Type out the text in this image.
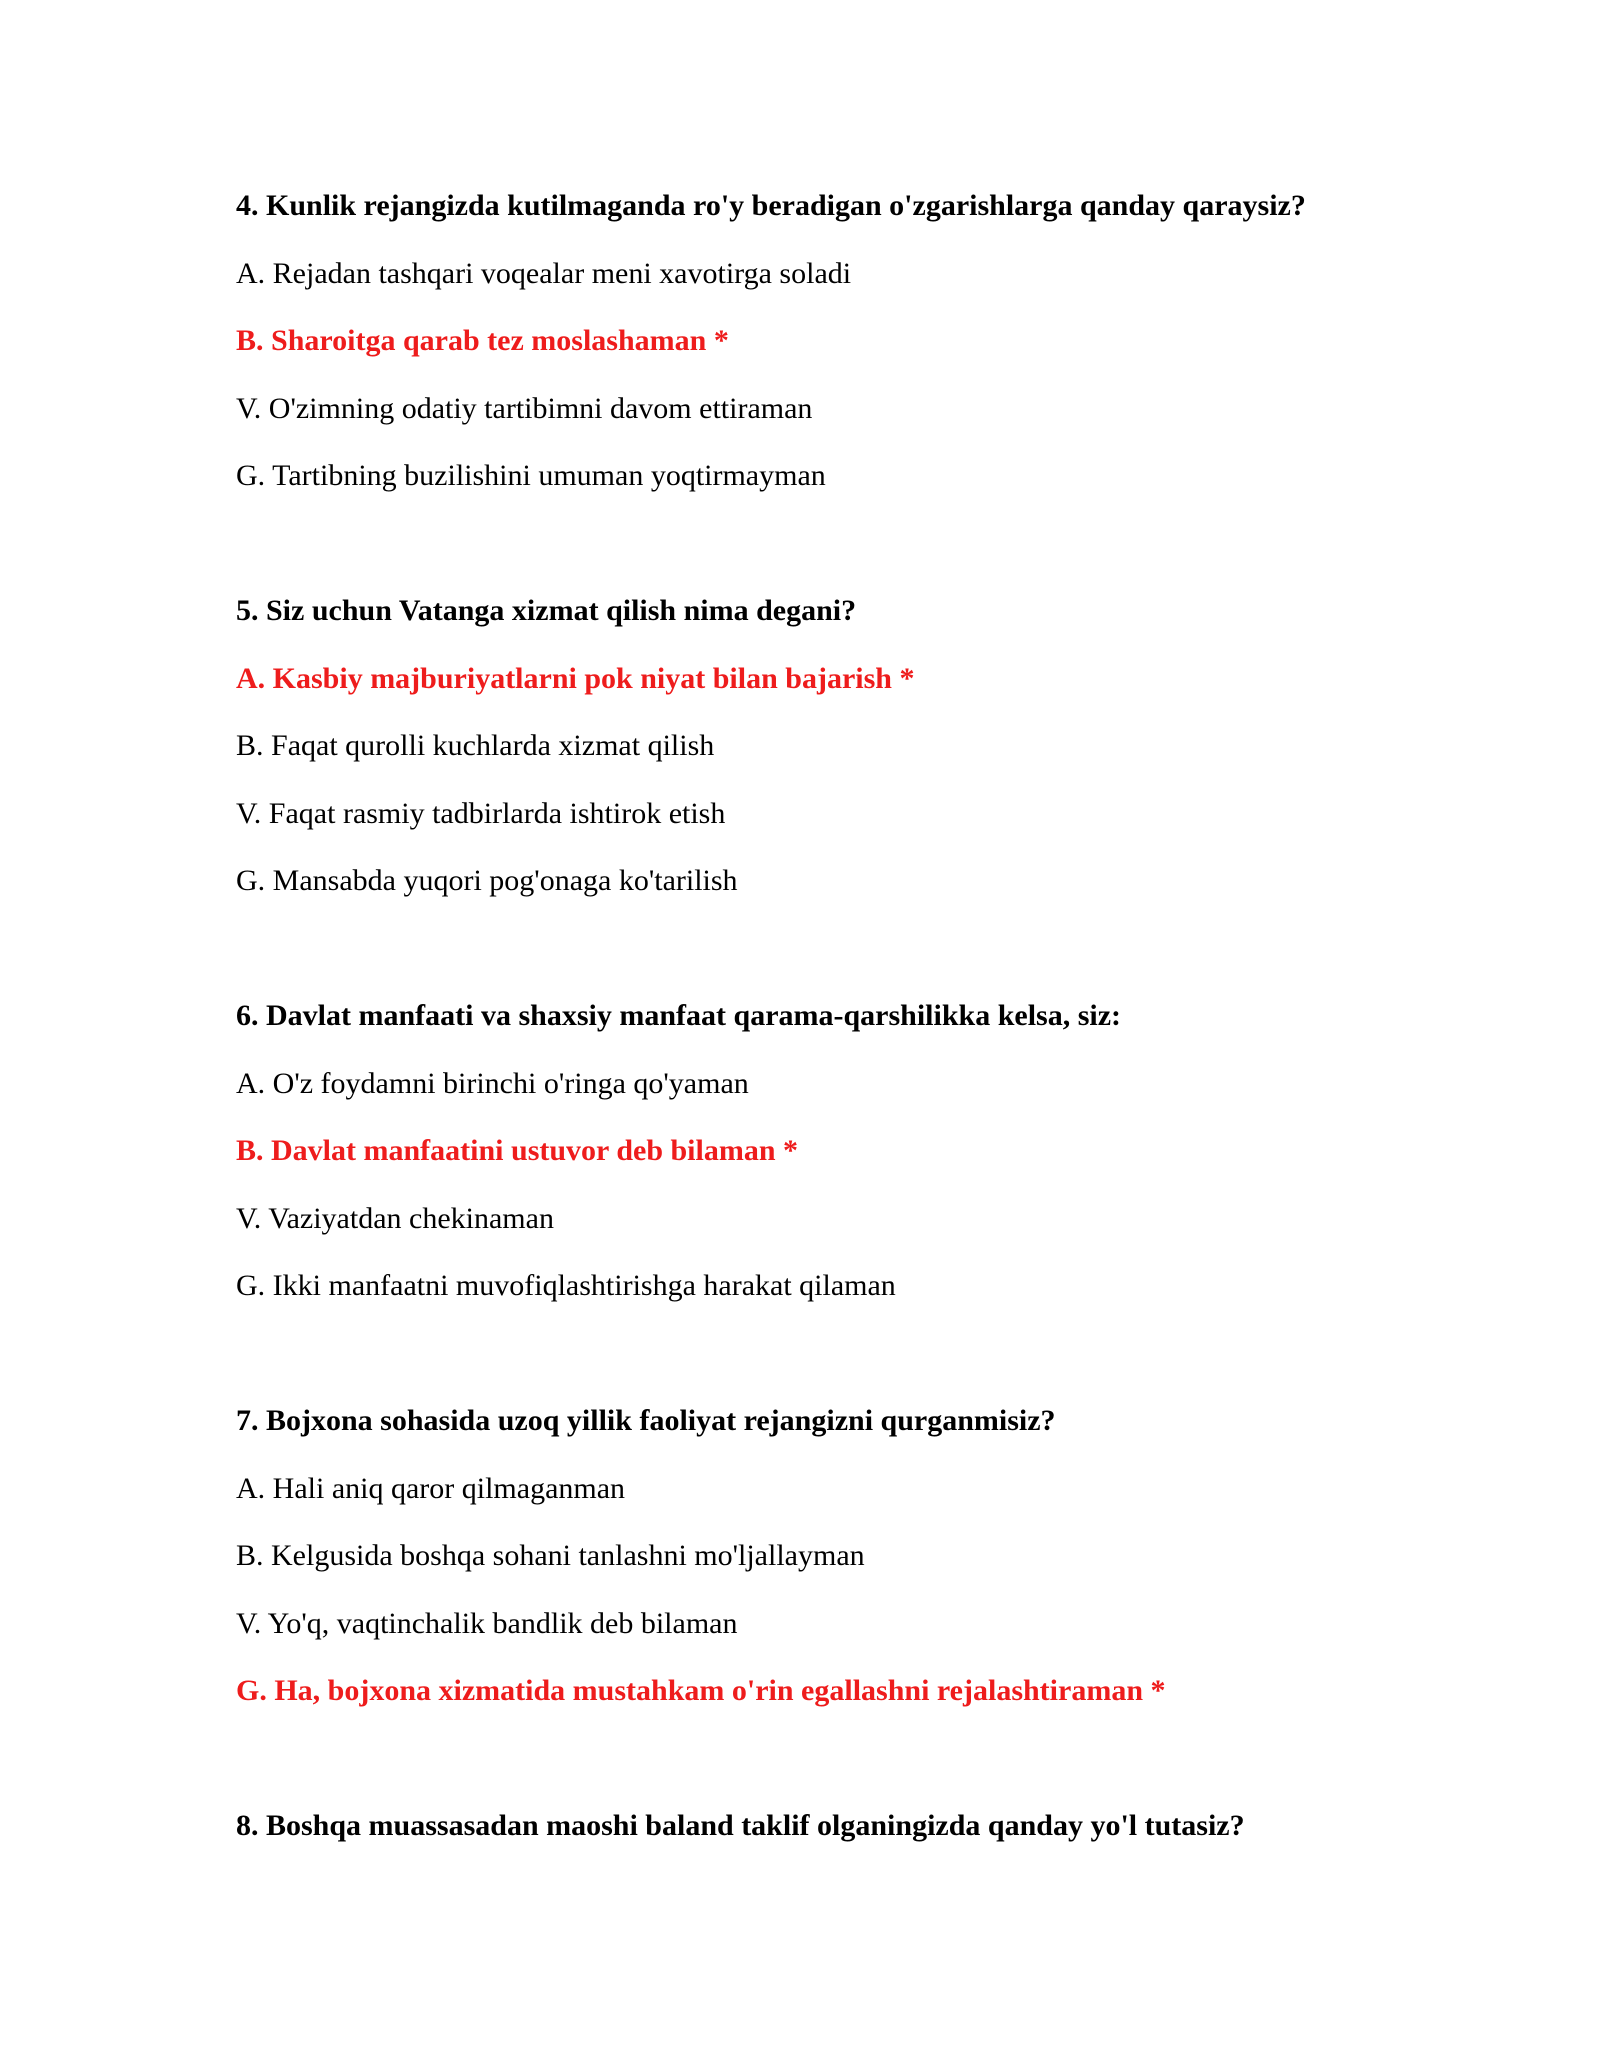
4. Kunlik rejangizda kutilmaganda ro'y beradigan o'zgarishlarga qanday qaraysiz?
A. Rejadan tashqari voqealar meni xavotirga soladi
B. Sharoitga qarab tez moslashaman *
V. O'zimning odatiy tartibimni davom ettiraman
G. Tartibning buzilishini umuman yoqtirmayman
5. Siz uchun Vatanga xizmat qilish nima degani?
A. Kasbiy majburiyatlarni pok niyat bilan bajarish *
B. Faqat qurolli kuchlarda xizmat qilish
V. Faqat rasmiy tadbirlarda ishtirok etish
G. Mansabda yuqori pog'onaga ko'tarilish
6. Davlat manfaati va shaxsiy manfaat qarama-qarshilikka kelsa, siz:
A. O'z foydamni birinchi o'ringa qo'yaman
B. Davlat manfaatini ustuvor deb bilaman *
V. Vaziyatdan chekinaman
G. Ikki manfaatni muvofiqlashtirishga harakat qilaman
7. Bojxona sohasida uzoq yillik faoliyat rejangizni qurganmisiz?
A. Hali aniq qaror qilmaganman
B. Kelgusida boshqa sohani tanlashni mo'ljallayman
V. Yo'q, vaqtinchalik bandlik deb bilaman
G. Ha, bojxona xizmatida mustahkam o'rin egallashni rejalashtiraman *
8. Boshqa muassasadan maoshi baland taklif olganingizda qanday yo'l tutasiz?
